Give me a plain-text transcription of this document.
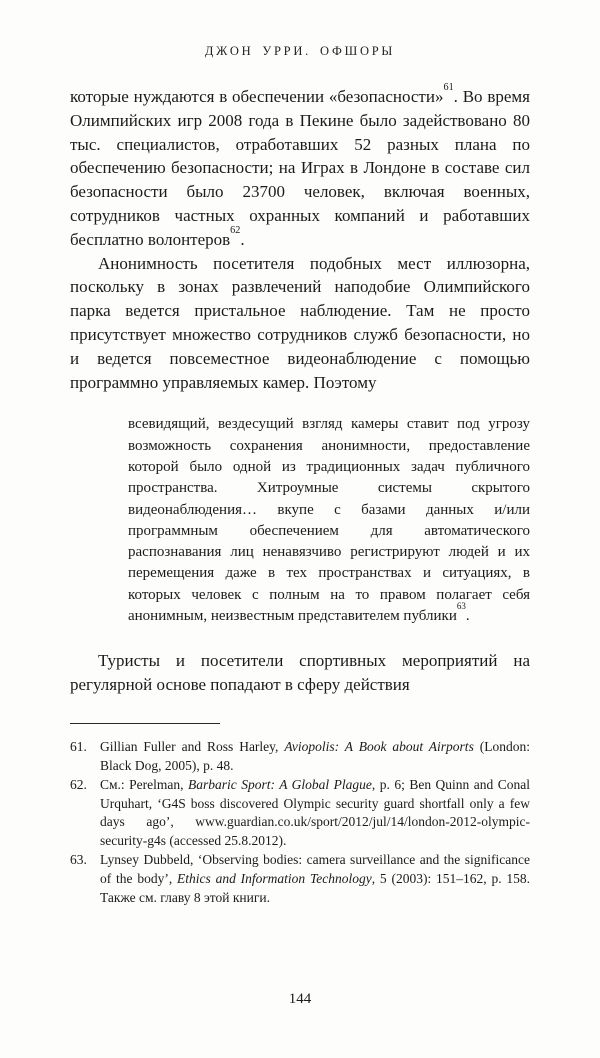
ДЖОН УРРИ. ОФШОРЫ

которые нуждаются в обеспечении «безопасности»$^{61}$. Во время Олимпийских игр 2008 года в Пекине было задействовано 80 тыс. специалистов, отработавших 52 разных плана по обеспечению безопасности; на Играх в Лондоне в составе сил безопасности было 23700 человек, включая военных, сотрудников частных охранных компаний и работавших бесплатно волонтеров$^{62}$.

Анонимность посетителя подобных мест иллюзорна, поскольку в зонах развлечений наподобие Олимпийского парка ведется пристальное наблюдение. Там не просто присутствует множество сотрудников служб безопасности, но и ведется повсеместное видеонаблюдение с помощью программно управляемых камер. Поэтому

всевидящий, вездесущий взгляд камеры ставит под угрозу возможность сохранения анонимности, предоставление которой было одной из традиционных задач публичного пространства. Хитроумные системы скрытого видеонаблюдения… вкупе с базами данных и/или программным обеспечением для автоматического распознавания лиц ненавязчиво регистрируют людей и их перемещения даже в тех пространствах и ситуациях, в которых человек с полным на то правом полагает себя анонимным, неизвестным представителем публики$^{63}$.

Туристы и посетители спортивных мероприятий на регулярной основе попадают в сферу действия

61. Gillian Fuller and Ross Harley, Aviopolis: A Book about Airports (London: Black Dog, 2005), p. 48.

62. См.: Perelman, Barbaric Sport: A Global Plague, p. 6; Ben Quinn and Conal Urquhart, ‘G4S boss discovered Olympic security guard shortfall only a few days ago’, www.guardian.co.uk/sport/2012/jul/14/london-2012-olympic-security-g4s (accessed 25.8.2012).

63. Lynsey Dubbeld, ‘Observing bodies: camera surveillance and the significance of the body’, Ethics and Information Technology, 5 (2003): 151–162, p. 158. Также см. главу 8 этой книги.

144
